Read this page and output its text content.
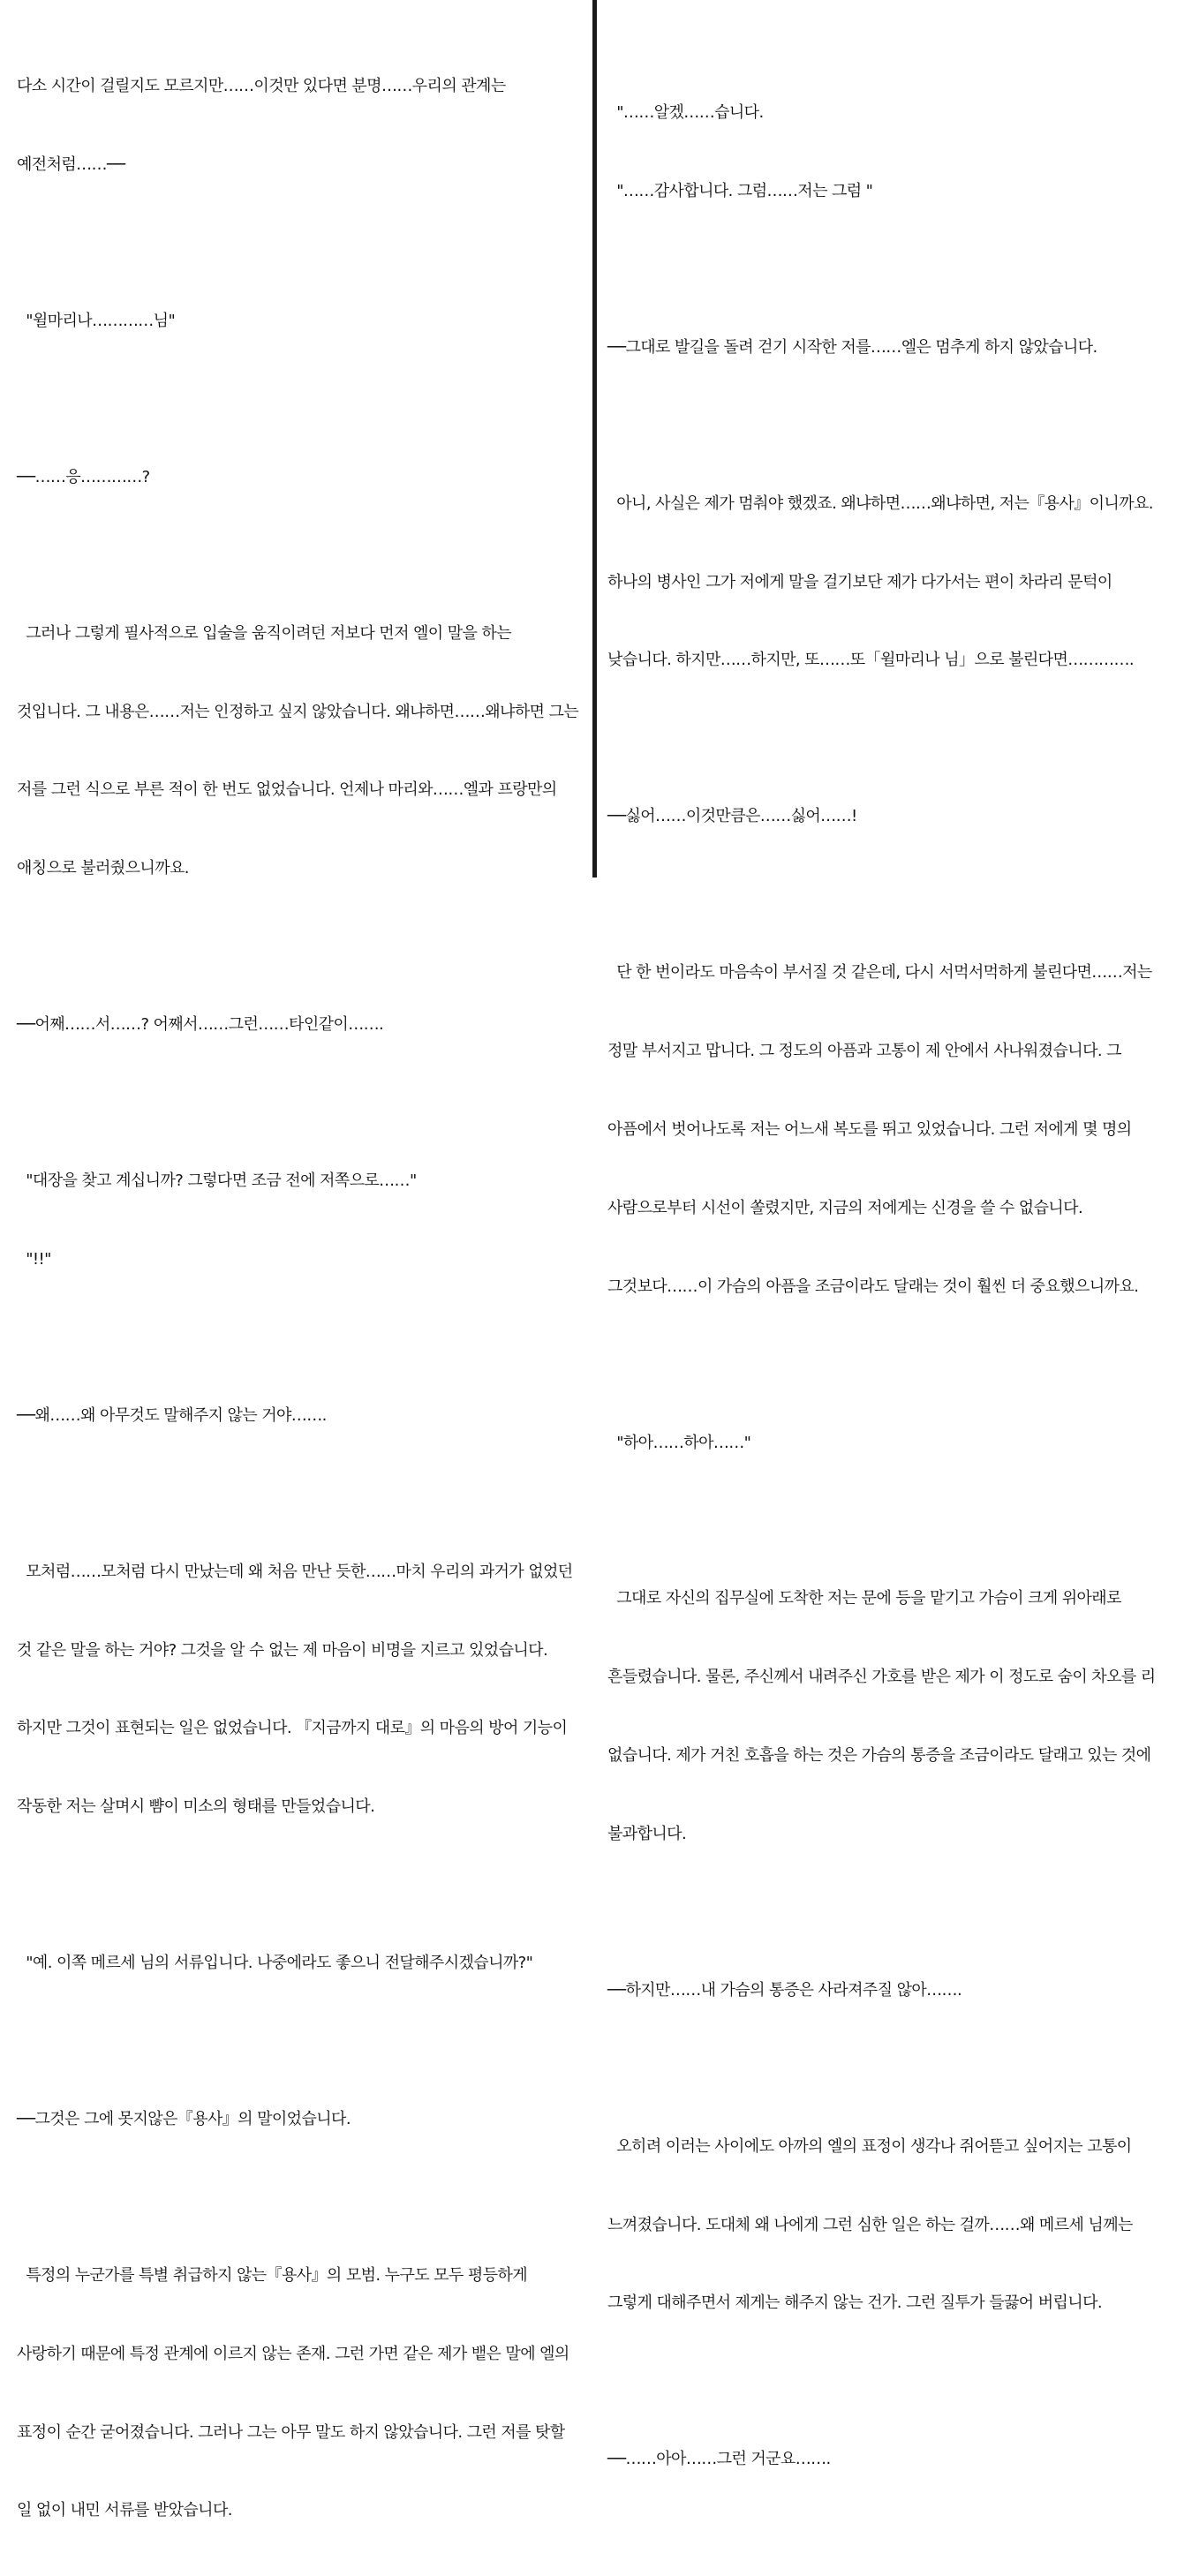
다소 시간이 걸릴지도 모르지만……이것만 있다면 분명……우리의 관계는

예전처럼……──

"윌마리나…………님"

──……응…………?

그러나 그렇게 필사적으로 입술을 움직이려던 저보다 먼저 엘이 말을 하는

것입니다. 그 내용은……저는 인정하고 싶지 않았습니다. 왜냐하면……왜냐하면 그는

저를 그런 식으로 부른 적이 한 번도 없었습니다. 언제나 마리와……엘과 프랑만의

애칭으로 불러줬으니까요.

──어째……서……? 어째서……그런……타인같이…….

"대장을 찾고 계십니까? 그렇다면 조금 전에 저쪽으로……"

"!!"

──왜……왜 아무것도 말해주지 않는 거야…….

모처럼……모처럼 다시 만났는데 왜 처음 만난 듯한……마치 우리의 과거가 없었던

것 같은 말을 하는 거야? 그것을 알 수 없는 제 마음이 비명을 지르고 있었습니다.

하지만 그것이 표현되는 일은 없었습니다. 『지금까지 대로』의 마음의 방어 기능이

작동한 저는 살며시 뺨이 미소의 형태를 만들었습니다.

"예. 이쪽 메르세 님의 서류입니다. 나중에라도 좋으니 전달해주시겠습니까?"

──그것은 그에 못지않은『용사』의 말이었습니다.

특정의 누군가를 특별 취급하지 않는『용사』의 모범. 누구도 모두 평등하게

사랑하기 때문에 특정 관계에 이르지 않는 존재. 그런 가면 같은 제가 뱉은 말에 엘의

표정이 순간 굳어졌습니다. 그러나 그는 아무 말도 하지 않았습니다. 그런 저를 탓할

일 없이 내민 서류를 받았습니다.

"……알겠……습니다.

"……감사합니다. 그럼……저는 그럼 "

──그대로 발길을 돌려 걷기 시작한 저를……엘은 멈추게 하지 않았습니다.

아니, 사실은 제가 멈춰야 했겠죠. 왜냐하면……왜냐하면, 저는『용사』이니까요.

하나의 병사인 그가 저에게 말을 걸기보단 제가 다가서는 편이 차라리 문턱이

낮습니다. 하지만……하지만, 또……또「윌마리나 님」으로 불린다면………….

──싫어……이것만큼은……싫어……!

단 한 번이라도 마음속이 부서질 것 같은데, 다시 서먹서먹하게 불린다면……저는

정말 부서지고 맙니다. 그 정도의 아픔과 고통이 제 안에서 사나워졌습니다. 그

아픔에서 벗어나도록 저는 어느새 복도를 뛰고 있었습니다. 그런 저에게 몇 명의

사람으로부터 시선이 쏠렸지만, 지금의 저에게는 신경을 쓸 수 없습니다.

그것보다……이 가슴의 아픔을 조금이라도 달래는 것이 훨씬 더 중요했으니까요.

"하아……하아……"

그대로 자신의 집무실에 도착한 저는 문에 등을 맡기고 가슴이 크게 위아래로

흔들렸습니다. 물론, 주신께서 내려주신 가호를 받은 제가 이 정도로 숨이 차오를 리

없습니다. 제가 거친 호흡을 하는 것은 가슴의 통증을 조금이라도 달래고 있는 것에

불과합니다.

──하지만……내 가슴의 통증은 사라져주질 않아…….

오히려 이러는 사이에도 아까의 엘의 표정이 생각나 쥐어뜯고 싶어지는 고통이

느껴졌습니다. 도대체 왜 나에게 그런 심한 일은 하는 걸까……왜 메르세 님께는

그렇게 대해주면서 제게는 해주지 않는 건가. 그런 질투가 들끓어 버립니다.

──……아아……그런 거군요…….
